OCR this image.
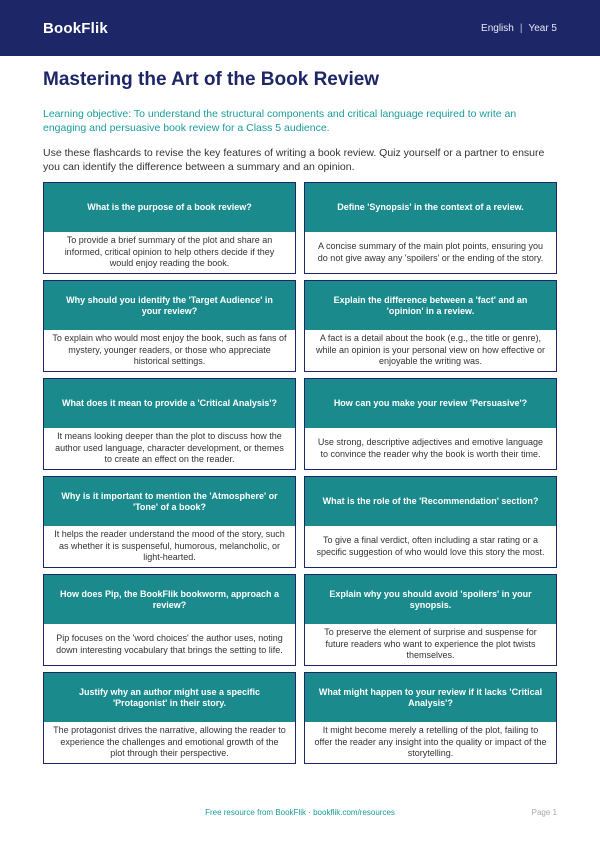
BookFlik	English | Year 5
Mastering the Art of the Book Review

Learning objective: To understand the structural components and critical language required to write an engaging and persuasive book review for a Class 5 audience.

Use these flashcards to revise the key features of writing a book review. Quiz yourself or a partner to ensure you can identify the difference between a summary and an opinion.

What is the purpose of a book review?
To provide a brief summary of the plot and share an informed, critical opinion to help others decide if they would enjoy reading the book.
Define 'Synopsis' in the context of a review.
A concise summary of the main plot points, ensuring you do not give away any 'spoilers' or the ending of the story.
Why should you identify the 'Target Audience' in your review?
To explain who would most enjoy the book, such as fans of mystery, younger readers, or those who appreciate historical settings.
Explain the difference between a 'fact' and an 'opinion' in a review.
A fact is a detail about the book (e.g., the title or genre), while an opinion is your personal view on how effective or enjoyable the writing was.
What does it mean to provide a 'Critical Analysis'?
It means looking deeper than the plot to discuss how the author used language, character development, or themes to create an effect on the reader.
How can you make your review 'Persuasive'?
Use strong, descriptive adjectives and emotive language to convince the reader why the book is worth their time.
Why is it important to mention the 'Atmosphere' or 'Tone' of a book?
It helps the reader understand the mood of the story, such as whether it is suspenseful, humorous, melancholic, or light-hearted.
What is the role of the 'Recommendation' section?
To give a final verdict, often including a star rating or a specific suggestion of who would love this story the most.
How does Pip, the BookFlik bookworm, approach a review?
Pip focuses on the 'word choices' the author uses, noting down interesting vocabulary that brings the setting to life.
Explain why you should avoid 'spoilers' in your synopsis.
To preserve the element of surprise and suspense for future readers who want to experience the plot twists themselves.
Justify why an author might use a specific 'Protagonist' in their story.
The protagonist drives the narrative, allowing the reader to experience the challenges and emotional growth of the plot through their perspective.
What might happen to your review if it lacks 'Critical Analysis'?
It might become merely a retelling of the plot, failing to offer the reader any insight into the quality or impact of the storytelling.
Free resource from BookFlik · bookflik.com/resources	Page 1
